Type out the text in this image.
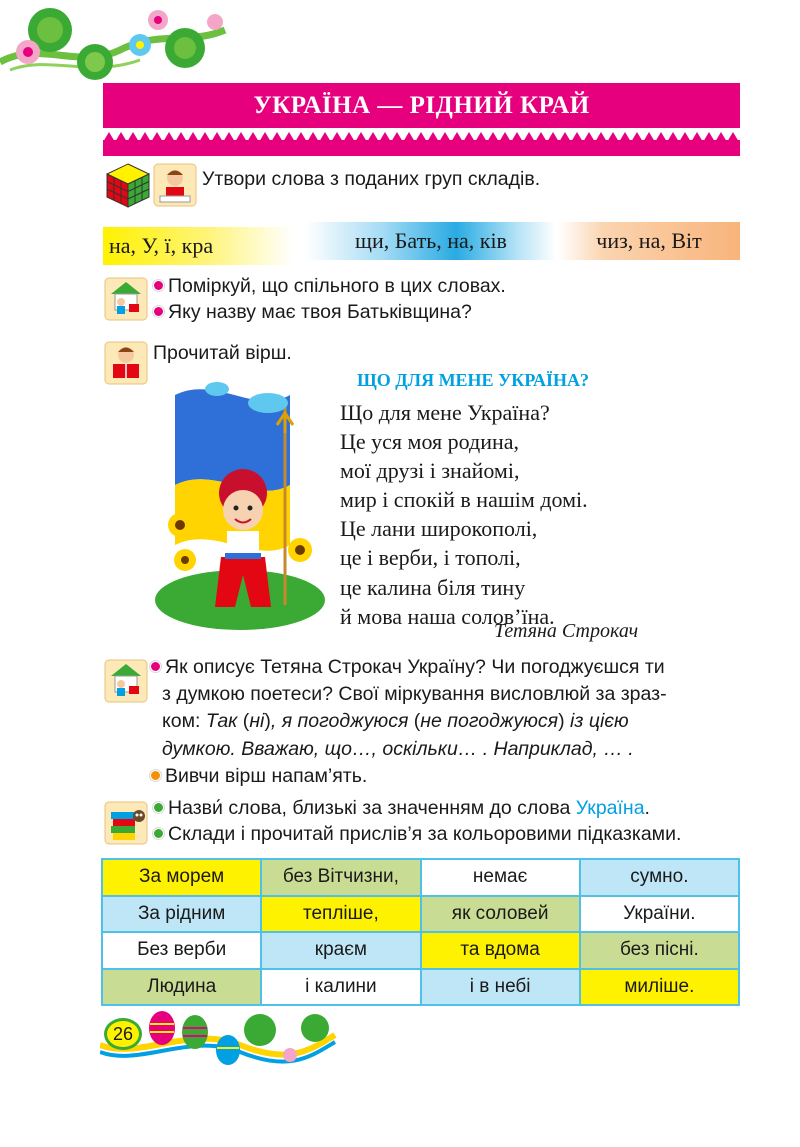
УКРАЇНА — РІДНИЙ КРАЙ
Утвори слова з поданих груп складів.
на, У, ї, кра	щи, Бать, на, ків	чиз, на, Віт
Поміркуй, що спільного в цих словах.
Яку назву має твоя Батьківщина?
Прочитай вірш.
ЩО ДЛЯ МЕНЕ УКРАЇНА?
Що для мене Україна?
Це уся моя родина,
мої друзі і знайомі,
мир і спокій в нашім домі.
Це лани широкополі,
це і верби, і тополі,
це калина біля тину
й мова наша солов’їна.
Тетяна Строкач
Як описує Тетяна Строкач Україну? Чи погоджуєшся ти
з думкою поетеси? Свої міркування висловлюй за зраз-
ком: Так (ні), я погоджуюся (не погоджуюся) із цією
думкою. Вважаю, що…, оскільки… . Наприклад, … .
Вивчи вірш напам’ять.
Назви́ слова, близькі за значенням до слова Україна.
Склади і прочитай прислів’я за кольоровими підказками.
За морем	без Вітчизни,	немає	сумно.
За рідним	тепліше,	як соловей	України.
Без верби	краєм	та вдома	без пісні.
Людина	і калини	і в небі	миліше.
26
